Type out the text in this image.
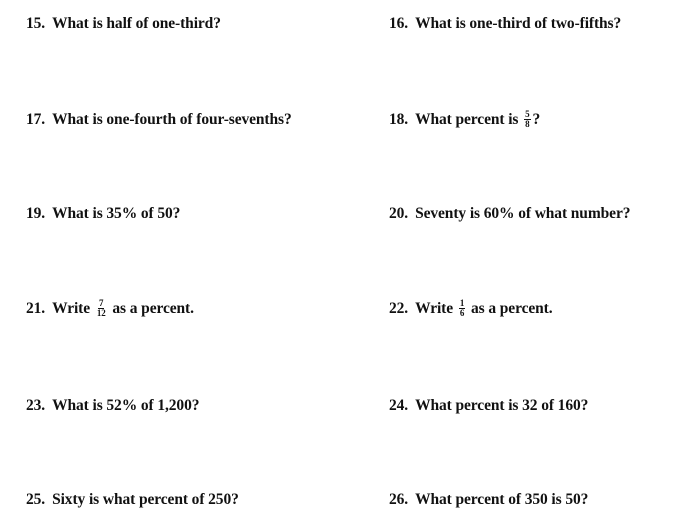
15. What is half of one-third?	16. What is one-third of two-fifths?
17. What is one-fourth of four-sevenths?	18. What percent is $\frac{5}{8}$ ?
19. What is 35% of 50?	20. Seventy is 60% of what number?
21. Write $\frac{7}{12}$ as a percent.	22. Write $\frac{1}{6}$ as a percent.
23. What is 52% of 1,200?	24. What percent is 32 of 160?
25. Sixty is what percent of 250?	26. What percent of 350 is 50?
